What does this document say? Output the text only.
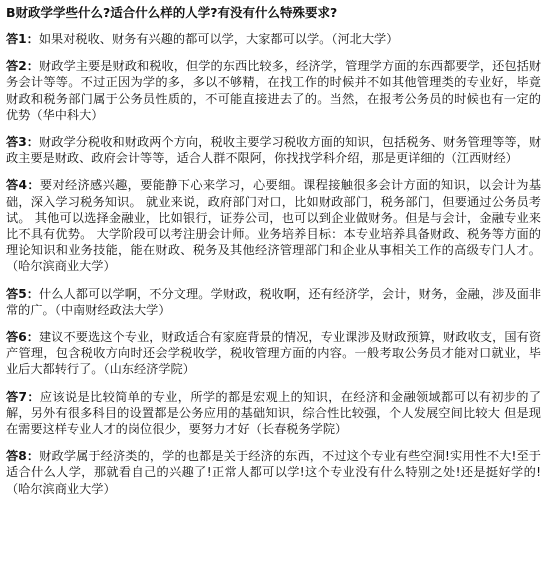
B财政学学些什么?适合什么样的人学?有没有什么特殊要求?
答1：如果对税收、财务有兴趣的都可以学，大家都可以学。（河北大学）
答2：财政学主要是财政和税收，但学的东西比较多，经济学，管理学方面的东西都要学，还包括财务会计等等。不过正因为学的多，多以不够精，在找工作的时候并不如其他管理类的专业好，毕竟财政和税务部门属于公务员性质的，不可能直接进去了的。当然，在报考公务员的时候也有一定的优势（华中科大）
答3：财政学分税收和财政两个方向，税收主要学习税收方面的知识，包括税务、财务管理等等，财政主要是财政、政府会计等等，适合人群不限阿，你找找学科介绍，那是更详细的（江西财经）
答4：要对经济感兴趣，要能静下心来学习，心要细。课程接触很多会计方面的知识，以会计为基础，深入学习税务知识。 就业来说，政府部门对口，比如财政部门，税务部门，但要通过公务员考试。 其他可以选择金融业，比如银行，证券公司，也可以到企业做财务。但是与会计，金融专业来比不具有优势。 大学阶段可以考注册会计师。业务培养目标：本专业培养具备财政、税务等方面的理论知识和业务技能，能在财政、税务及其他经济管理部门和企业从事相关工作的高级专门人才。（哈尔滨商业大学）
答5：什么人都可以学啊，不分文理。学财政，税收啊，还有经济学，会计，财务，金融，涉及面非常的广。（中南财经政法大学）
答6：建议不要选这个专业，财政适合有家庭背景的情况，专业课涉及财政预算，财政收支，国有资产管理，包含税收方向时还会学税收学，税收管理方面的内容。一般考取公务员才能对口就业，毕业后大都转行了。（山东经济学院）
答7：应该说是比较简单的专业，所学的都是宏观上的知识，在经济和金融领域都可以有初步的了解，另外有很多科目的设置都是公务应用的基础知识，综合性比较强，个人发展空间比较大 但是现在需要这样专业人才的岗位很少，要努力才好（长春税务学院）
答8：财政学属于经济类的，学的也都是关于经济的东西，不过这个专业有些空洞!实用性不大!至于适合什么人学，那就看自己的兴趣了!正常人都可以学!这个专业没有什么特别之处!还是挺好学的!（哈尔滨商业大学）
